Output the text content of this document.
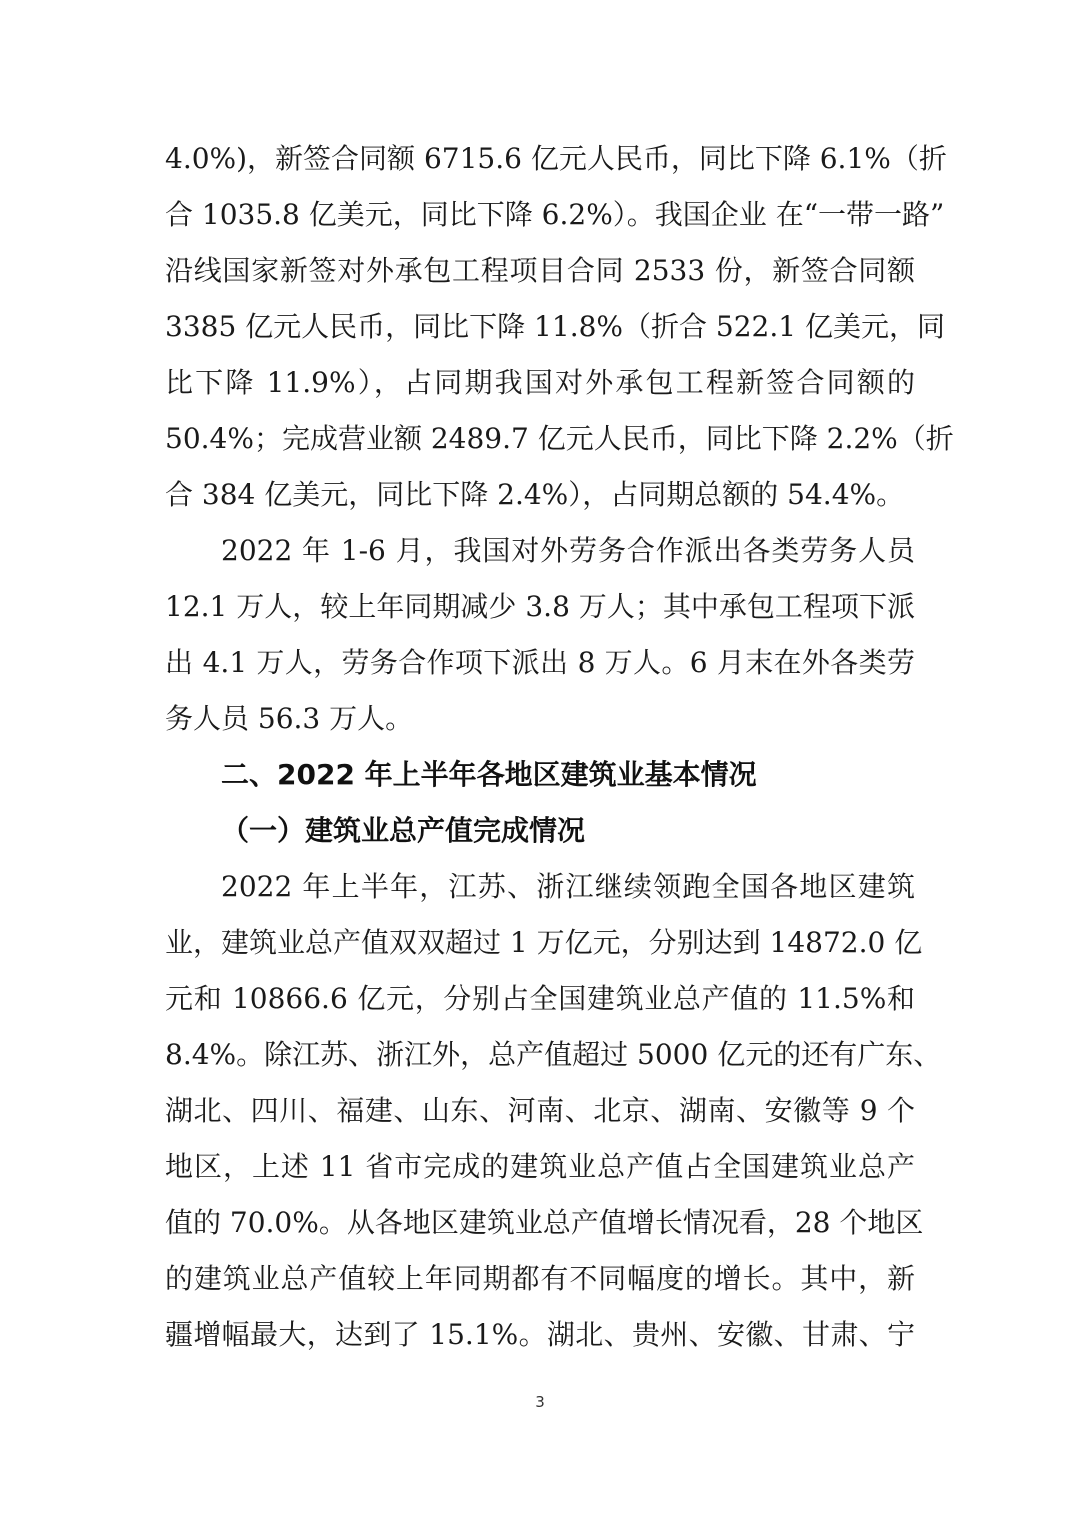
4.0%)，新签合同额 6715.6 亿元人民币，同比下降 6.1%（折
合 1035.8 亿美元，同比下降 6.2%）。我国企业 在“一带一路”
沿线国家新签对外承包工程项目合同 2533 份，新签合同额
3385 亿元人民币，同比下降 11.8%（折合 522.1 亿美元，同
比下降 11.9%），占同期我国对外承包工程新签合同额的
50.4%；完成营业额 2489.7 亿元人民币，同比下降 2.2%（折
合 384 亿美元，同比下降 2.4%），占同期总额的 54.4%。
2022 年 1-6 月，我国对外劳务合作派出各类劳务人员
12.1 万人，较上年同期减少 3.8 万人；其中承包工程项下派
出 4.1 万人，劳务合作项下派出 8 万人。6 月末在外各类劳
务人员 56.3 万人。
二、2022 年上半年各地区建筑业基本情况
（一）建筑业总产值完成情况
2022 年上半年，江苏、浙江继续领跑全国各地区建筑
业，建筑业总产值双双超过 1 万亿元，分别达到 14872.0 亿
元和 10866.6 亿元，分别占全国建筑业总产值的 11.5%和
8.4%。除江苏、浙江外，总产值超过 5000 亿元的还有广东、
湖北、四川、福建、山东、河南、北京、湖南、安徽等 9 个
地区，上述 11 省市完成的建筑业总产值占全国建筑业总产
值的 70.0%。从各地区建筑业总产值增长情况看，28 个地区
的建筑业总产值较上年同期都有不同幅度的增长。其中，新
疆增幅最大，达到了 15.1%。湖北、贵州、安徽、甘肃、宁
3
